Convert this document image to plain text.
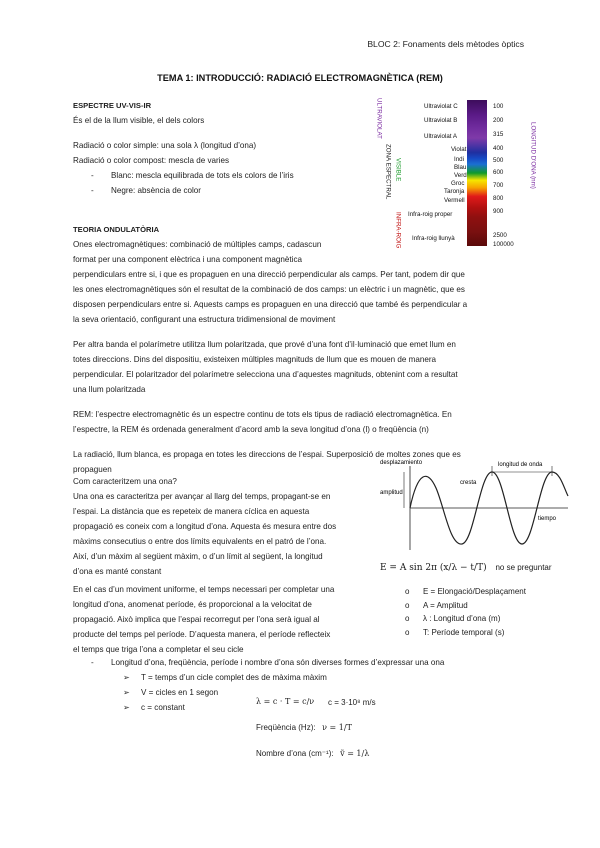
BLOC 2: Fonaments dels mètodes òptics
TEMA 1: INTRODUCCIÓ: RADIACIÓ ELECTROMAGNÈTICA (REM)
ESPECTRE UV-VIS-IR
És el de la llum visible, el dels colors
Radiació o color simple: una sola λ (longitud d’ona)
Radiació o color compost: mescla de varies
-	Blanc: mescla equilibrada de tots els colors de l’iris
-	Negre: absència de color
ULTRAVIOLAT
ZONA ESPECTRAL VISIBLE
INFRA-ROIG
Ultraviolat C
Ultraviolat B
Ultraviolat A
Violat
Indi
Blau
Verd
Groc
Taronja
Vermell
Infra-roig proper
Infra-roig llunyà
100
200
315
400
500
600
700
800
900
2500
100000
LONGITUD D'ONA (nm)
TEORIA ONDULATÒRIA
Ones electromagnètiques: combinació de múltiples camps, cadascun
format per una component elèctrica i una component magnètica
perpendiculars entre si, i que es propaguen en una direcció perpendicular als camps. Per tant, podem dir que
les ones electromagnètiques són el resultat de la combinació de dos camps: un elèctric i un magnètic, que es
disposen perpendiculars entre si. Aquests camps es propaguen en una direcció que també és perpendicular a
la seva orientació, configurant una estructura tridimensional de moviment
Per altra banda el polarímetre utilitza llum polaritzada, que prové d’una font d’il·luminació que emet llum en
totes direccions. Dins del dispositiu, existeixen múltiples magnituds de llum que es mouen de manera
perpendicular. El polaritzador del polarímetre selecciona una d’aquestes magnituds, obtenint com a resultat
una llum polaritzada
REM: l’espectre electromagnètic és un espectre continu de tots els tipus de radiació electromagnètica. En
l’espectre, la REM és ordenada generalment d’acord amb la seva longitud d’ona (l) o freqüència (n)
La radiació, llum blanca, es propaga en totes les direccions de l’espai. Superposició de moltes zones que es
propaguen
Com caracteritzem una ona?
Una ona es caracteritza per avançar al llarg del temps, propagant-se en
l’espai. La distància que es repeteix de manera cíclica en aquesta
propagació es coneix com a longitud d’ona. Aquesta és mesura entre dos
màxims consecutius o entre dos límits equivalents en el patró de l’ona.
Així, d’un màxim al següent màxim, o d’un límit al següent, la longitud
d’ona es manté constant
desplazamiento
cresta
longitud de onda
amplitud
tiempo
E = A sin 2π (x/λ − t/T) no se preguntar
o	E = Elongació/Desplaçament
o	A = Amplitud
o	λ : Longitud d’ona (m)
o	T: Període temporal (s)
En el cas d’un moviment uniforme, el temps necessari per completar una
longitud d’ona, anomenat període, és proporcional a la velocitat de
propagació. Això implica que l’espai recorregut per l’ona serà igual al
producte del temps pel període. D’aquesta manera, el període reflecteix
el temps que triga l’ona a completar el seu cicle
-	Longitud d’ona, freqüència, període i nombre d’ona són diverses formes d’expressar una ona
➢	T = temps d’un cicle complet des de màxima màxim
➢	V = cicles en 1 segon
➢	c = constant
λ = c · T = c/ν c = 3·10⁸ m/s
Freqüència (Hz): ν = 1/T
Nombre d’ona (cm⁻¹): ṽ = 1/λ
